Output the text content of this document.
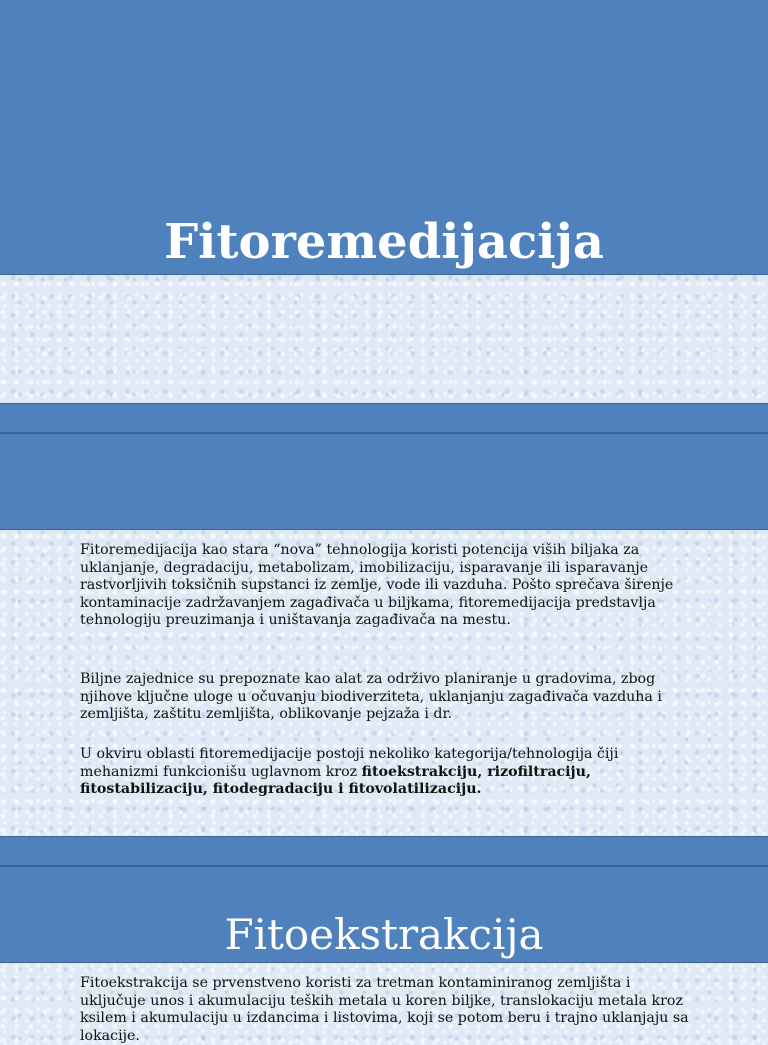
Fitoremedijacija

Fitoremedijacija kao stara “nova” tehnologija koristi potencija viših biljaka za uklanjanje, degradaciju, metabolizam, imobilizaciju, isparavanje ili isparavanje rastvorljivih toksičnih supstanci iz zemlje, vode ili vazduha. Pošto sprečava širenje kontaminacije zadržavanjem zagađivača u biljkama, fitoremedijacija predstavlja tehnologiju preuzimanja i uništavanja zagađivača na mestu.

Biljne zajednice su prepoznate kao alat za održivo planiranje u gradovima, zbog njihove ključne uloge u očuvanju biodiverziteta, uklanjanju zagađivača vazduha i zemljišta, zaštitu zemljišta, oblikovanje pejzaža i dr.

U okviru oblasti fitoremedijacije postoji nekoliko kategorija/tehnologija čiji mehanizmi funkcionišu uglavnom kroz fitoekstrakciju, rizofiltraciju, fitostabilizaciju, fitodegradaciju i fitovolatilizaciju.

Fitoekstrakcija

Fitoekstrakcija se prvenstveno koristi za tretman kontaminiranog zemljišta i uključuje unos i akumulaciju teških metala u koren biljke, translokaciju metala kroz ksilem i akumulaciju u izdancima i listovima, koji se potom beru i trajno uklanjaju sa lokacije.
